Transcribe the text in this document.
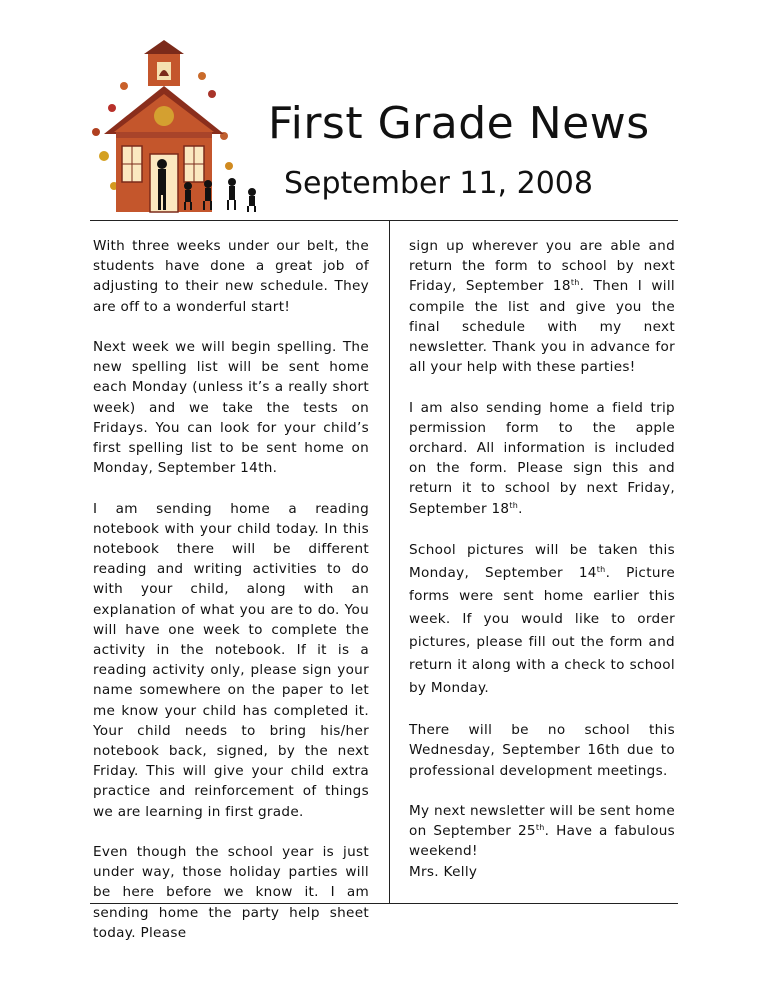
First Grade News
September 11, 2008

With three weeks under our belt, the students have done a great job of adjusting to their new schedule. They are off to a wonderful start!

Next week we will begin spelling. The new spelling list will be sent home each Monday (unless it’s a really short week) and we take the tests on Fridays. You can look for your child’s first spelling list to be sent home on Monday, September 14th.

I am sending home a reading notebook with your child today. In this notebook there will be different reading and writing activities to do with your child, along with an explanation of what you are to do. You will have one week to complete the activity in the notebook. If it is a reading activity only, please sign your name somewhere on the paper to let me know your child has completed it. Your child needs to bring his/her notebook back, signed, by the next Friday. This will give your child extra practice and reinforcement of things we are learning in first grade.

Even though the school year is just under way, those holiday parties will be here before we know it. I am sending home the party help sheet today. Please

sign up wherever you are able and return the form to school by next Friday, September 18th. Then I will compile the list and give you the final schedule with my next newsletter. Thank you in advance for all your help with these parties!

I am also sending home a field trip permission form to the apple orchard. All information is included on the form. Please sign this and return it to school by next Friday, September 18th.

School pictures will be taken this Monday, September 14th. Picture forms were sent home earlier this week. If you would like to order pictures, please fill out the form and return it along with a check to school by Monday.

There will be no school this Wednesday, September 16th due to professional development meetings.

My next newsletter will be sent home on September 25th. Have a fabulous weekend!

Mrs. Kelly
